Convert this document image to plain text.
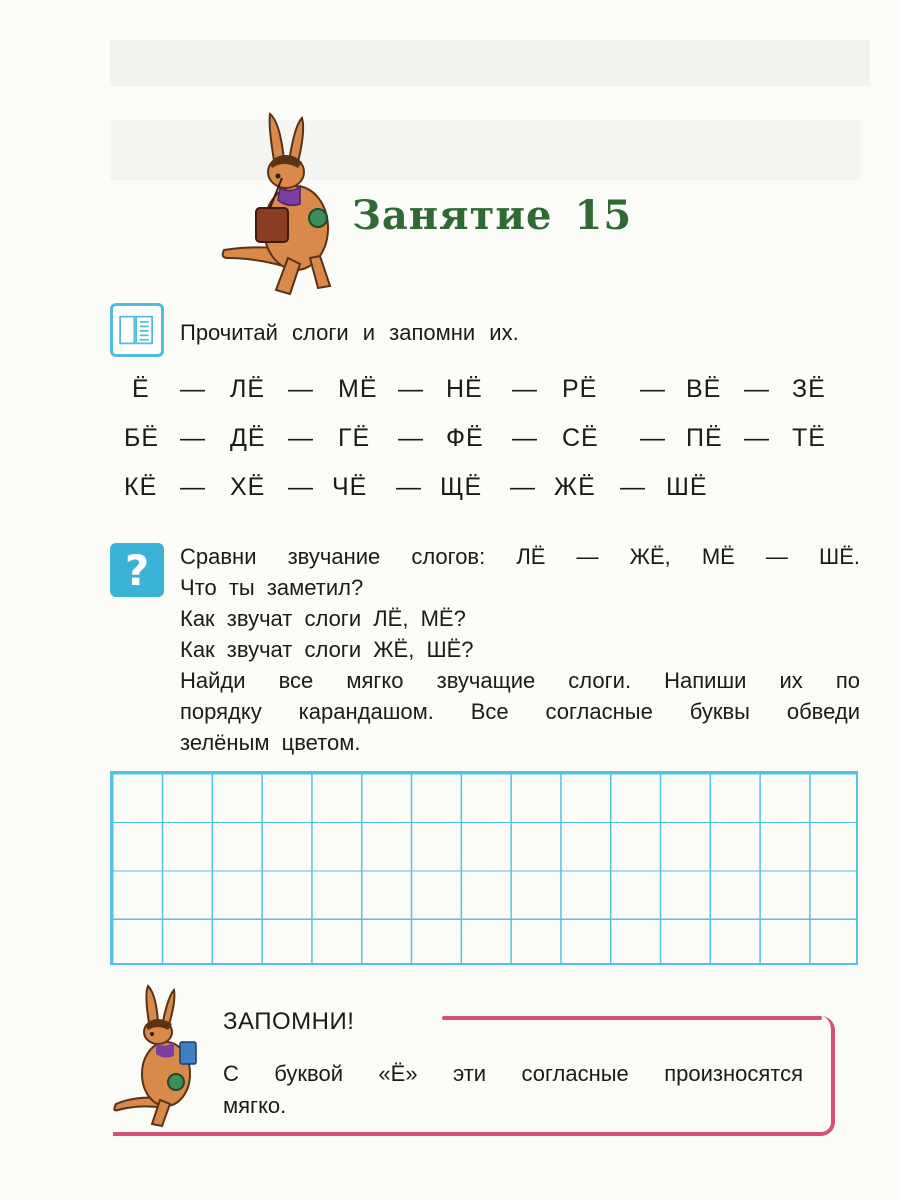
Занятие 15
Прочитай слоги и запомни их.
Ё — ЛЁ — МЁ — НЁ — РЁ — ВЁ — ЗЁ
БЁ — ДЁ — ГЁ — ФЁ — СЁ — ПЁ — ТЁ
КЁ — ХЁ — ЧЁ — ЩЁ — ЖЁ — ШЁ
?	Сравни звучание слогов: ЛЁ — ЖЁ, МЁ — ШЁ.
Что ты заметил?
Как звучат слоги ЛЁ, МЁ?
Как звучат слоги ЖЁ, ШЁ?
Найди все мягко звучащие слоги. Напиши их по
порядку карандашом. Все согласные буквы обведи
зелёным цветом.
ЗАПОМНИ!
С буквой «Ё» эти согласные произносятся
мягко.
